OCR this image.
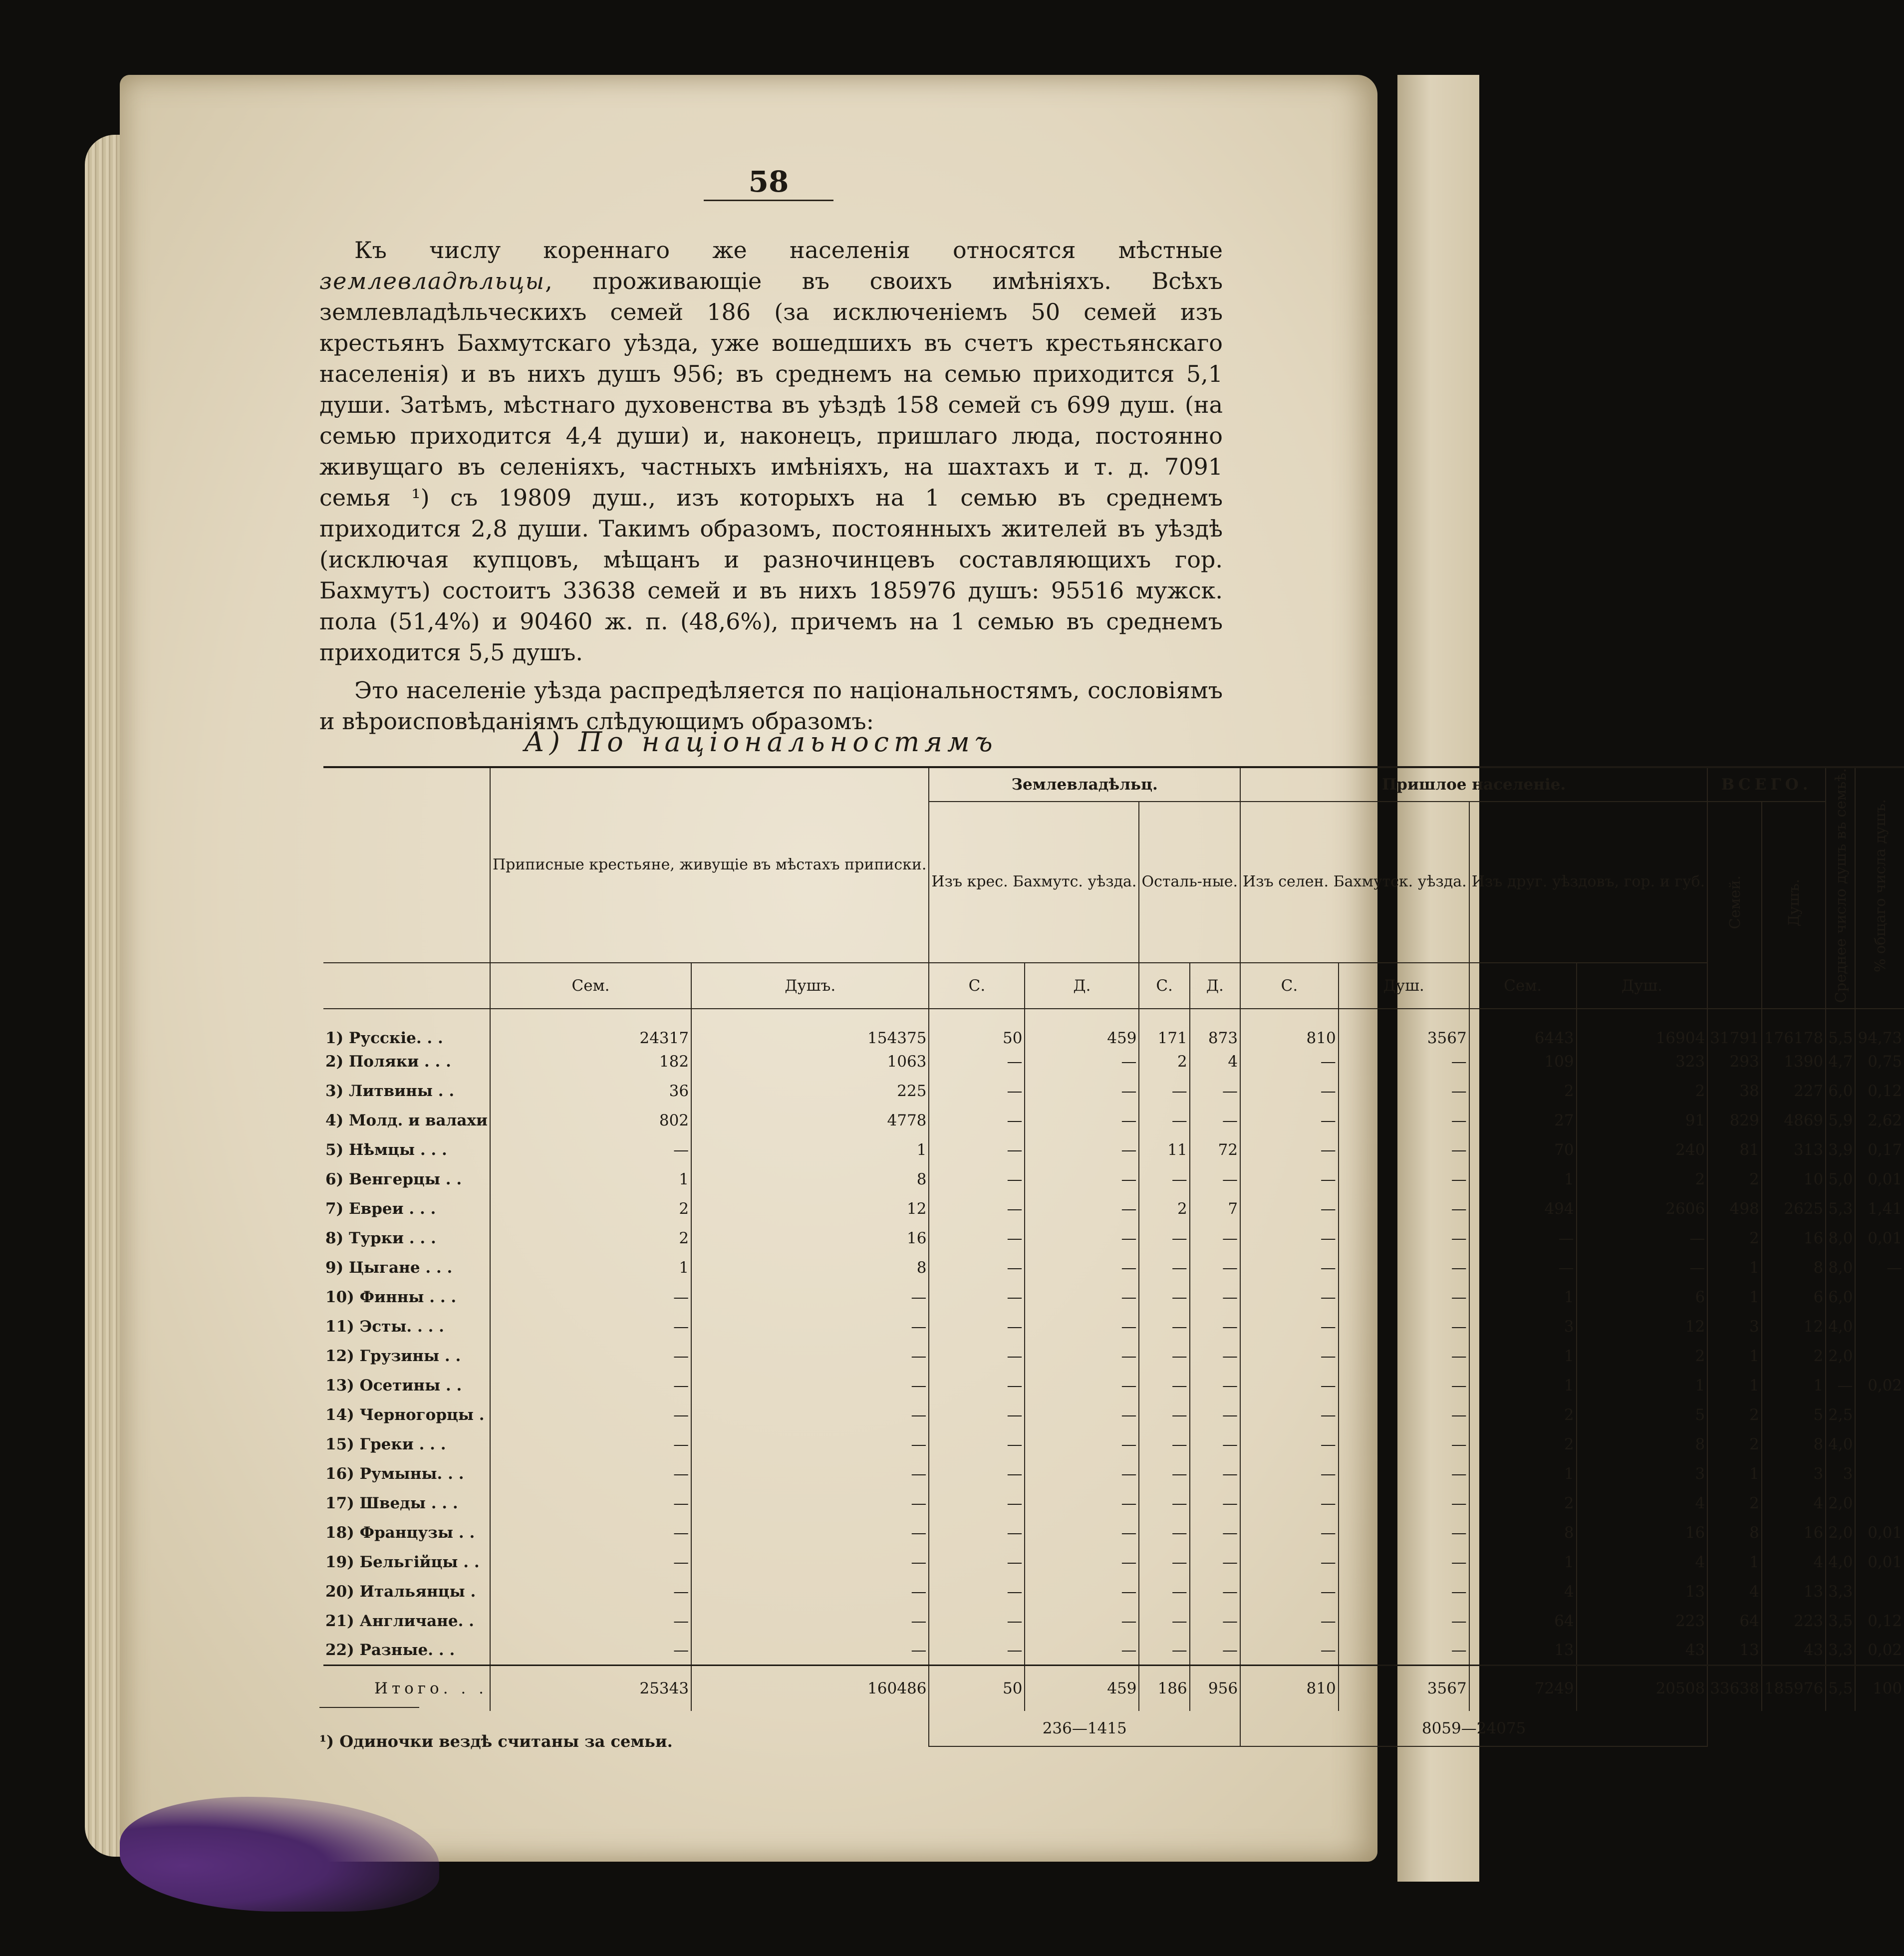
58

Къ числу кореннаго же населенія относятся мѣстные землевладѣльцы, проживающіе въ своихъ имѣніяхъ. Всѣхъ землевладѣльческихъ семей 186 (за исключеніемъ 50 семей изъ крестьянъ Бахмутскаго уѣзда, уже вошедшихъ въ счетъ крестьянскаго населенія) и въ нихъ душъ 956; въ среднемъ на семью приходится 5,1 души. Затѣмъ, мѣстнаго духовенства въ уѣздѣ 158 семей съ 699 душ. (на семью приходится 4,4 души) и, наконецъ, пришлаго люда, постоянно живущаго въ селеніяхъ, частныхъ имѣніяхъ, на шахтахъ и т. д. 7091 семья ¹) съ 19809 душ., изъ которыхъ на 1 семью въ среднемъ приходится 2,8 души. Такимъ образомъ, постоянныхъ жителей въ уѣздѣ (исключая купцовъ, мѣщанъ и разночинцевъ составляющихъ гор. Бахмутъ) состоитъ 33638 семей и въ нихъ 185976 душъ: 95516 мужск. пола (51,4%) и 90460 ж. п. (48,6%), причемъ на 1 семью въ среднемъ приходится 5,5 душъ.

Это населеніе уѣзда распредѣляется по національностямъ, сословіямъ и вѣроисповѣданіямъ слѣдующимъ образомъ:

А) По національностямъ
	Приписные крестьяне, живущіе въ мѣстахъ приписки.		Землевладѣльц.				Пришлое населеніе.				ВСЕГО.		Среднее число душъ въ семьѣ.	% общаго числа душъ.
			Изъ крес. Бахмутс. уѣзда.		Осталь-ные.		Изъ селен. Бахмутск. уѣзда.		Изъ друг. уѣздовъ, гор. и губ.		Семей.	Душъ.		
	Сем.	Душъ.	С.	Д.	С.	Д.	С.	Душ.	Сем.	Душ.				
1) Русскіе. . .	24317	154375	50	459	171	873	810	3567	6443	16904	31791	176178	5,5	94,73
2) Поляки . . .	182	1063	—	—	2	4	—	—	109	323	293	1390	4,7	0,75
3) Литвины . .	36	225	—	—	—	—	—	—	2	2	38	227	6,0	0,12
4) Молд. и валахи	802	4778	—	—	—	—	—	—	27	91	829	4869	5,9	2,62
5) Нѣмцы . . .	—	1	—	—	11	72	—	—	70	240	81	313	3,9	0,17
6) Венгерцы . .	1	8	—	—	—	—	—	—	1	2	2	10	5,0	0,01
7) Евреи . . .	2	12	—	—	2	7	—	—	494	2606	498	2625	5,3	1,41
8) Турки . . .	2	16	—	—	—	—	—	—	—	—	2	16	8,0	0,01
9) Цыгане . . .	1	8	—	—	—	—	—	—	—	—	1	8	8,0	—
10) Финны . . .	—	—	—	—	—	—	—	—	1	6	1	6	6,0	
11) Эсты. . . .	—	—	—	—	—	—	—	—	3	12	3	12	4,0	
12) Грузины . .	—	—	—	—	—	—	—	—	1	2	1	2	2,0	
13) Осетины . .	—	—	—	—	—	—	—	—	1	1	1	1	—	0,02
14) Черногорцы .	—	—	—	—	—	—	—	—	2	5	2	5	2,5	
15) Греки . . .	—	—	—	—	—	—	—	—	2	8	2	8	4,0	
16) Румыны. . .	—	—	—	—	—	—	—	—	1	3	1	3	3	
17) Шведы . . .	—	—	—	—	—	—	—	—	2	4	2	4	2,0	
18) Французы . .	—	—	—	—	—	—	—	—	8	16	8	16	2,0	0,01
19) Бельгійцы . .	—	—	—	—	—	—	—	—	1	4	1	4	4,0	0,01
20) Итальянцы .	—	—	—	—	—	—	—	—	4	13	4	13	3,3	
21) Англичане. .	—	—	—	—	—	—	—	—	64	223	64	223	3,5	0,12
22) Разные. . .	—	—	—	—	—	—	—	—	13	43	13	43	3,3	0,02
Итого. . .	25343	160486	50	459	186	956	810	3567	7249	20508	33638	185976	5,5	100
			236—1415				8059—24075							
¹) Одиночки вездѣ считаны за семьи.
